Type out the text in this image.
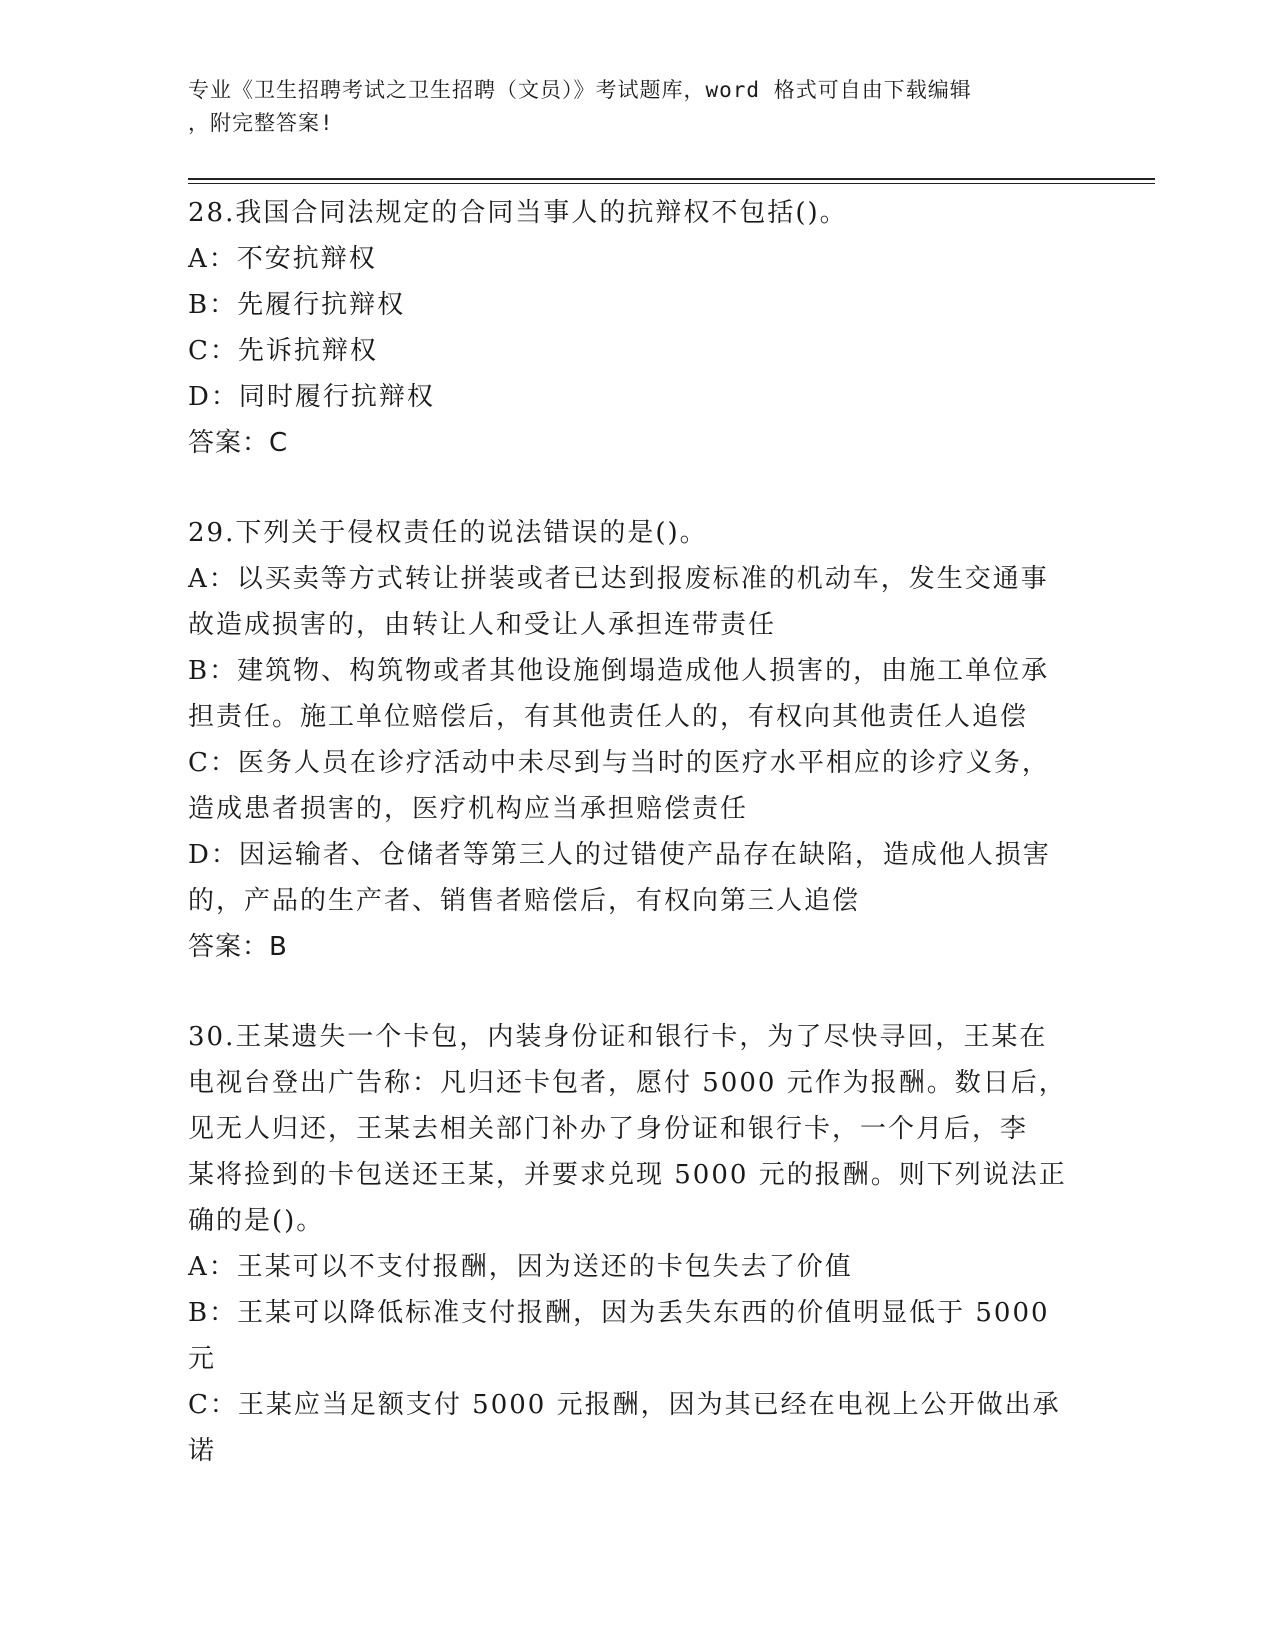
专业《卫生招聘考试之卫生招聘（文员）》考试题库，word 格式可自由下载编辑
，附完整答案!
28.我国合同法规定的合同当事人的抗辩权不包括()。
A：不安抗辩权
B：先履行抗辩权
C：先诉抗辩权
D：同时履行抗辩权
答案：C
29.下列关于侵权责任的说法错误的是()。
A：以买卖等方式转让拼装或者已达到报废标准的机动车，发生交通事
故造成损害的，由转让人和受让人承担连带责任
B：建筑物、构筑物或者其他设施倒塌造成他人损害的，由施工单位承
担责任。施工单位赔偿后，有其他责任人的，有权向其他责任人追偿
C：医务人员在诊疗活动中未尽到与当时的医疗水平相应的诊疗义务，
造成患者损害的，医疗机构应当承担赔偿责任
D：因运输者、仓储者等第三人的过错使产品存在缺陷，造成他人损害
的，产品的生产者、销售者赔偿后，有权向第三人追偿
答案：B
30.王某遗失一个卡包，内装身份证和银行卡，为了尽快寻回，王某在
电视台登出广告称：凡归还卡包者，愿付 5000 元作为报酬。数日后，
见无人归还，王某去相关部门补办了身份证和银行卡，一个月后，李
某将捡到的卡包送还王某，并要求兑现 5000 元的报酬。则下列说法正
确的是()。
A：王某可以不支付报酬，因为送还的卡包失去了价值
B：王某可以降低标准支付报酬，因为丢失东西的价值明显低于 5000
元
C：王某应当足额支付 5000 元报酬，因为其已经在电视上公开做出承
诺
